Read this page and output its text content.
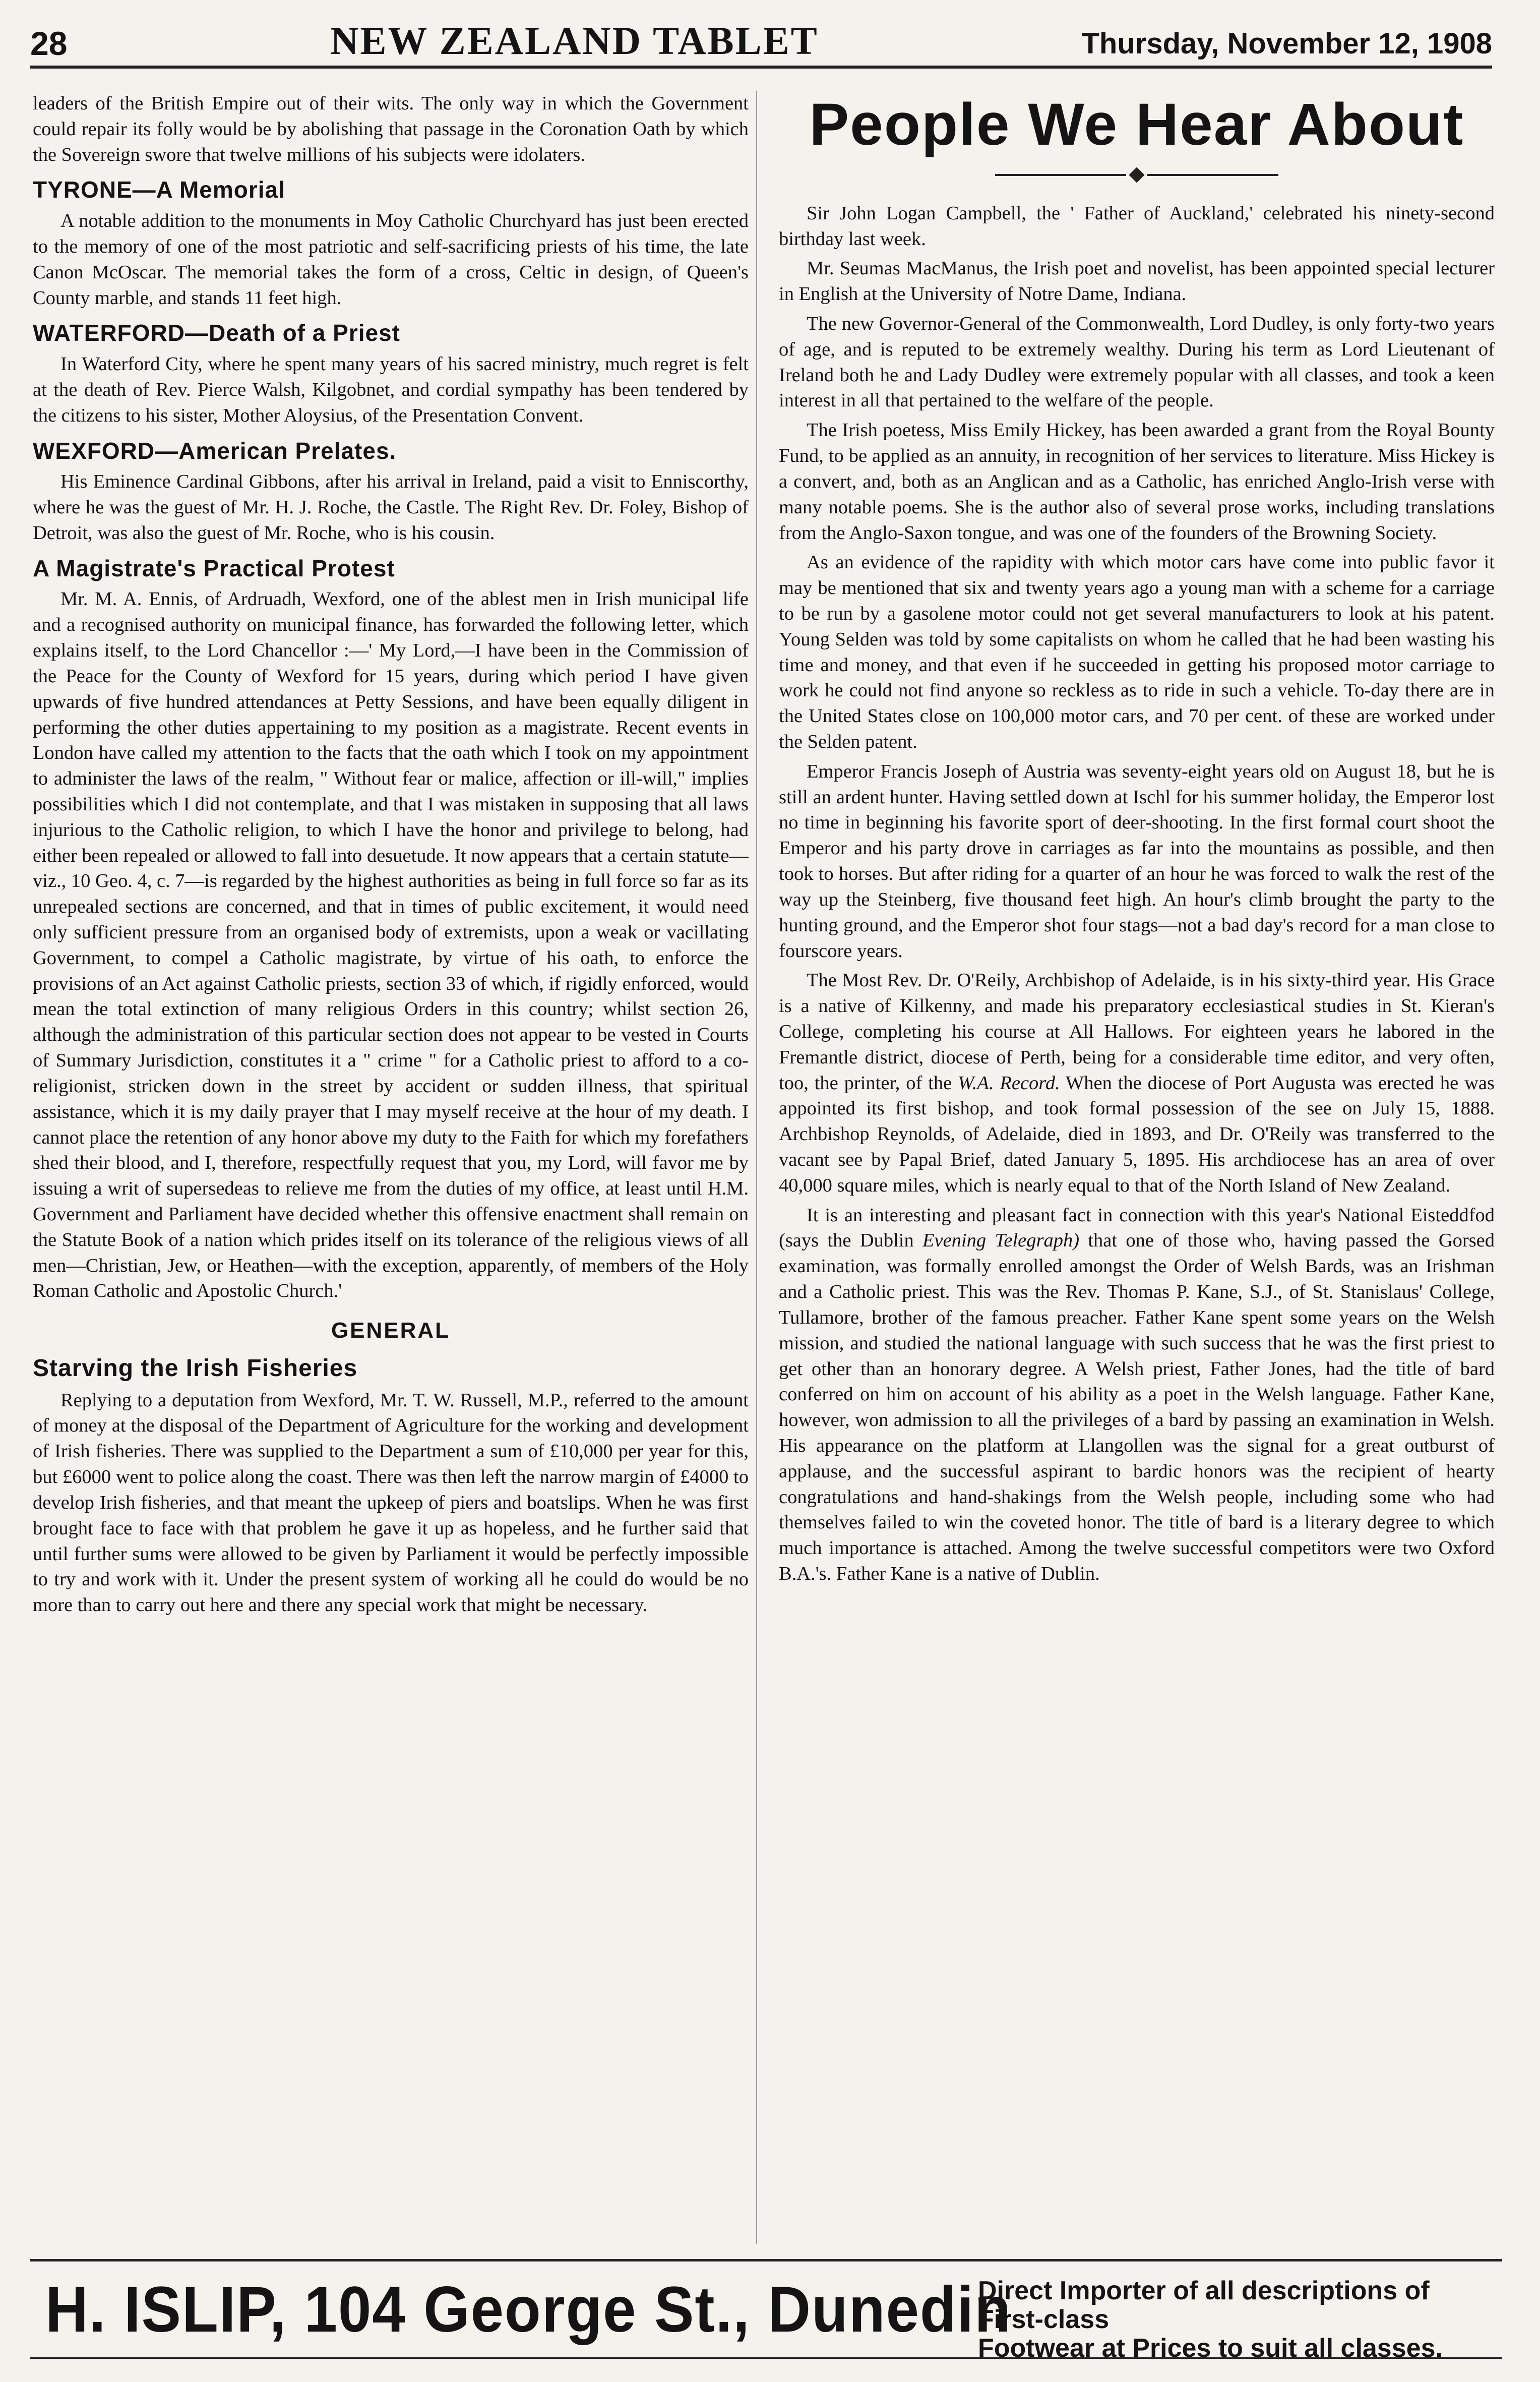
28	NEW ZEALAND TABLET	Thursday, November 12, 1908

leaders of the British Empire out of their wits. The only way in which the Government could repair its folly would be by abolishing that passage in the Coronation Oath by which the Sovereign swore that twelve millions of his subjects were idolaters.

TYRONE—A Memorial

A notable addition to the monuments in Moy Catholic Churchyard has just been erected to the memory of one of the most patriotic and self-sacrificing priests of his time, the late Canon McOscar. The memorial takes the form of a cross, Celtic in design, of Queen's County marble, and stands 11 feet high.

WATERFORD—Death of a Priest

In Waterford City, where he spent many years of his sacred ministry, much regret is felt at the death of Rev. Pierce Walsh, Kilgobnet, and cordial sympathy has been tendered by the citizens to his sister, Mother Aloysius, of the Presentation Convent.

WEXFORD—American Prelates.

His Eminence Cardinal Gibbons, after his arrival in Ireland, paid a visit to Enniscorthy, where he was the guest of Mr. H. J. Roche, the Castle. The Right Rev. Dr. Foley, Bishop of Detroit, was also the guest of Mr. Roche, who is his cousin.

A Magistrate's Practical Protest

Mr. M. A. Ennis, of Ardruadh, Wexford, one of the ablest men in Irish municipal life and a recognised authority on municipal finance, has forwarded the following letter, which explains itself, to the Lord Chancellor :—' My Lord,—I have been in the Commission of the Peace for the County of Wexford for 15 years, during which period I have given upwards of five hundred attendances at Petty Sessions, and have been equally diligent in performing the other duties appertaining to my position as a magistrate. Recent events in London have called my attention to the facts that the oath which I took on my appointment to administer the laws of the realm, " Without fear or malice, affection or ill-will," implies possibilities which I did not contemplate, and that I was mistaken in supposing that all laws injurious to the Catholic religion, to which I have the honor and privilege to belong, had either been repealed or allowed to fall into desuetude. It now appears that a certain statute—viz., 10 Geo. 4, c. 7—is regarded by the highest authorities as being in full force so far as its unrepealed sections are concerned, and that in times of public excitement, it would need only sufficient pressure from an organised body of extremists, upon a weak or vacillating Government, to compel a Catholic magistrate, by virtue of his oath, to enforce the provisions of an Act against Catholic priests, section 33 of which, if rigidly enforced, would mean the total extinction of many religious Orders in this country; whilst section 26, although the administration of this particular section does not appear to be vested in Courts of Summary Jurisdiction, constitutes it a " crime " for a Catholic priest to afford to a co-religionist, stricken down in the street by accident or sudden illness, that spiritual assistance, which it is my daily prayer that I may myself receive at the hour of my death. I cannot place the retention of any honor above my duty to the Faith for which my forefathers shed their blood, and I, therefore, respectfully request that you, my Lord, will favor me by issuing a writ of supersedeas to relieve me from the duties of my office, at least until H.M. Government and Parliament have decided whether this offensive enactment shall remain on the Statute Book of a nation which prides itself on its tolerance of the religious views of all men—Christian, Jew, or Heathen—with the exception, apparently, of members of the Holy Roman Catholic and Apostolic Church.'

GENERAL
Starving the Irish Fisheries

Replying to a deputation from Wexford, Mr. T. W. Russell, M.P., referred to the amount of money at the disposal of the Department of Agriculture for the working and development of Irish fisheries. There was supplied to the Department a sum of £10,000 per year for this, but £6000 went to police along the coast. There was then left the narrow margin of £4000 to develop Irish fisheries, and that meant the upkeep of piers and boatslips. When he was first brought face to face with that problem he gave it up as hopeless, and he further said that until further sums were allowed to be given by Parliament it would be perfectly impossible to try and work with it. Under the present system of working all he could do would be no more than to carry out here and there any special work that might be necessary.

People We Hear About

Sir John Logan Campbell, the ' Father of Auckland,' celebrated his ninety-second birthday last week.

Mr. Seumas MacManus, the Irish poet and novelist, has been appointed special lecturer in English at the University of Notre Dame, Indiana.

The new Governor-General of the Commonwealth, Lord Dudley, is only forty-two years of age, and is reputed to be extremely wealthy. During his term as Lord Lieutenant of Ireland both he and Lady Dudley were extremely popular with all classes, and took a keen interest in all that pertained to the welfare of the people.

The Irish poetess, Miss Emily Hickey, has been awarded a grant from the Royal Bounty Fund, to be applied as an annuity, in recognition of her services to literature. Miss Hickey is a convert, and, both as an Anglican and as a Catholic, has enriched Anglo-Irish verse with many notable poems. She is the author also of several prose works, including translations from the Anglo-Saxon tongue, and was one of the founders of the Browning Society.

As an evidence of the rapidity with which motor cars have come into public favor it may be mentioned that six and twenty years ago a young man with a scheme for a carriage to be run by a gasolene motor could not get several manufacturers to look at his patent. Young Selden was told by some capitalists on whom he called that he had been wasting his time and money, and that even if he succeeded in getting his proposed motor carriage to work he could not find anyone so reckless as to ride in such a vehicle. To-day there are in the United States close on 100,000 motor cars, and 70 per cent. of these are worked under the Selden patent.

Emperor Francis Joseph of Austria was seventy-eight years old on August 18, but he is still an ardent hunter. Having settled down at Ischl for his summer holiday, the Emperor lost no time in beginning his favorite sport of deer-shooting. In the first formal court shoot the Emperor and his party drove in carriages as far into the mountains as possible, and then took to horses. But after riding for a quarter of an hour he was forced to walk the rest of the way up the Steinberg, five thousand feet high. An hour's climb brought the party to the hunting ground, and the Emperor shot four stags—not a bad day's record for a man close to fourscore years.

The Most Rev. Dr. O'Reily, Archbishop of Adelaide, is in his sixty-third year. His Grace is a native of Kilkenny, and made his preparatory ecclesiastical studies in St. Kieran's College, completing his course at All Hallows. For eighteen years he labored in the Fremantle district, diocese of Perth, being for a considerable time editor, and very often, too, the printer, of the W.A. Record. When the diocese of Port Augusta was erected he was appointed its first bishop, and took formal possession of the see on July 15, 1888. Archbishop Reynolds, of Adelaide, died in 1893, and Dr. O'Reily was transferred to the vacant see by Papal Brief, dated January 5, 1895. His archdiocese has an area of over 40,000 square miles, which is nearly equal to that of the North Island of New Zealand.

It is an interesting and pleasant fact in connection with this year's National Eisteddfod (says the Dublin Evening Telegraph) that one of those who, having passed the Gorsed examination, was formally enrolled amongst the Order of Welsh Bards, was an Irishman and a Catholic priest. This was the Rev. Thomas P. Kane, S.J., of St. Stanislaus' College, Tullamore, brother of the famous preacher. Father Kane spent some years on the Welsh mission, and studied the national language with such success that he was the first priest to get other than an honorary degree. A Welsh priest, Father Jones, had the title of bard conferred on him on account of his ability as a poet in the Welsh language. Father Kane, however, won admission to all the privileges of a bard by passing an examination in Welsh. His appearance on the platform at Llangollen was the signal for a great outburst of applause, and the successful aspirant to bardic honors was the recipient of hearty congratulations and hand-shakings from the Welsh people, including some who had themselves failed to win the coveted honor. The title of bard is a literary degree to which much importance is attached. Among the twelve successful competitors were two Oxford B.A.'s. Father Kane is a native of Dublin.

H. ISLIP, 104 George St., Dunedin
Direct Importer of all descriptions of First-class
Footwear at Prices to suit all classes.
